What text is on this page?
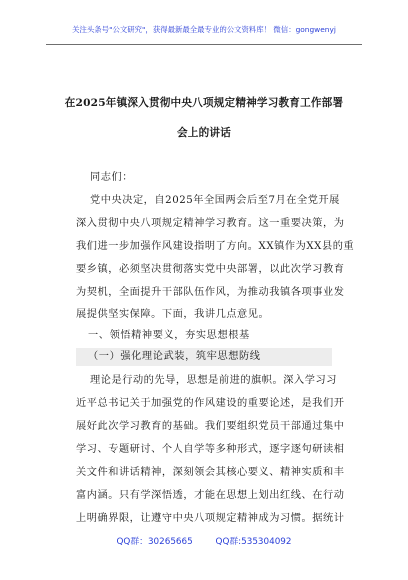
关注头条号"公文研究"，获得最新最全最专业的公文资料库！ 微信：gongwenyj
在2025年镇深入贯彻中央八项规定精神学习教育工作部署
会上的讲话
同志们：
党中央决定，自2025年全国两会后至7月在全党开展
深入贯彻中央八项规定精神学习教育。这一重要决策，为
我们进一步加强作风建设指明了方向。XX镇作为XX县的重
要乡镇，必须坚决贯彻落实党中央部署，以此次学习教育
为契机，全面提升干部队伍作风，为推动我镇各项事业发
展提供坚实保障。下面，我讲几点意见。
一、领悟精神要义，夯实思想根基
（一）强化理论武装，筑牢思想防线
理论是行动的先导，思想是前进的旗帜。深入学习习
近平总书记关于加强党的作风建设的重要论述，是我们开
展好此次学习教育的基础。我们要组织党员干部通过集中
学习、专题研讨、个人自学等多种形式，逐字逐句研读相
关文件和讲话精神，深刻领会其核心要义、精神实质和丰
富内涵。只有学深悟透，才能在思想上划出红线、在行动
上明确界限，让遵守中央八项规定精神成为习惯。据统计
QQ群：30265665	QQ群:535304092
